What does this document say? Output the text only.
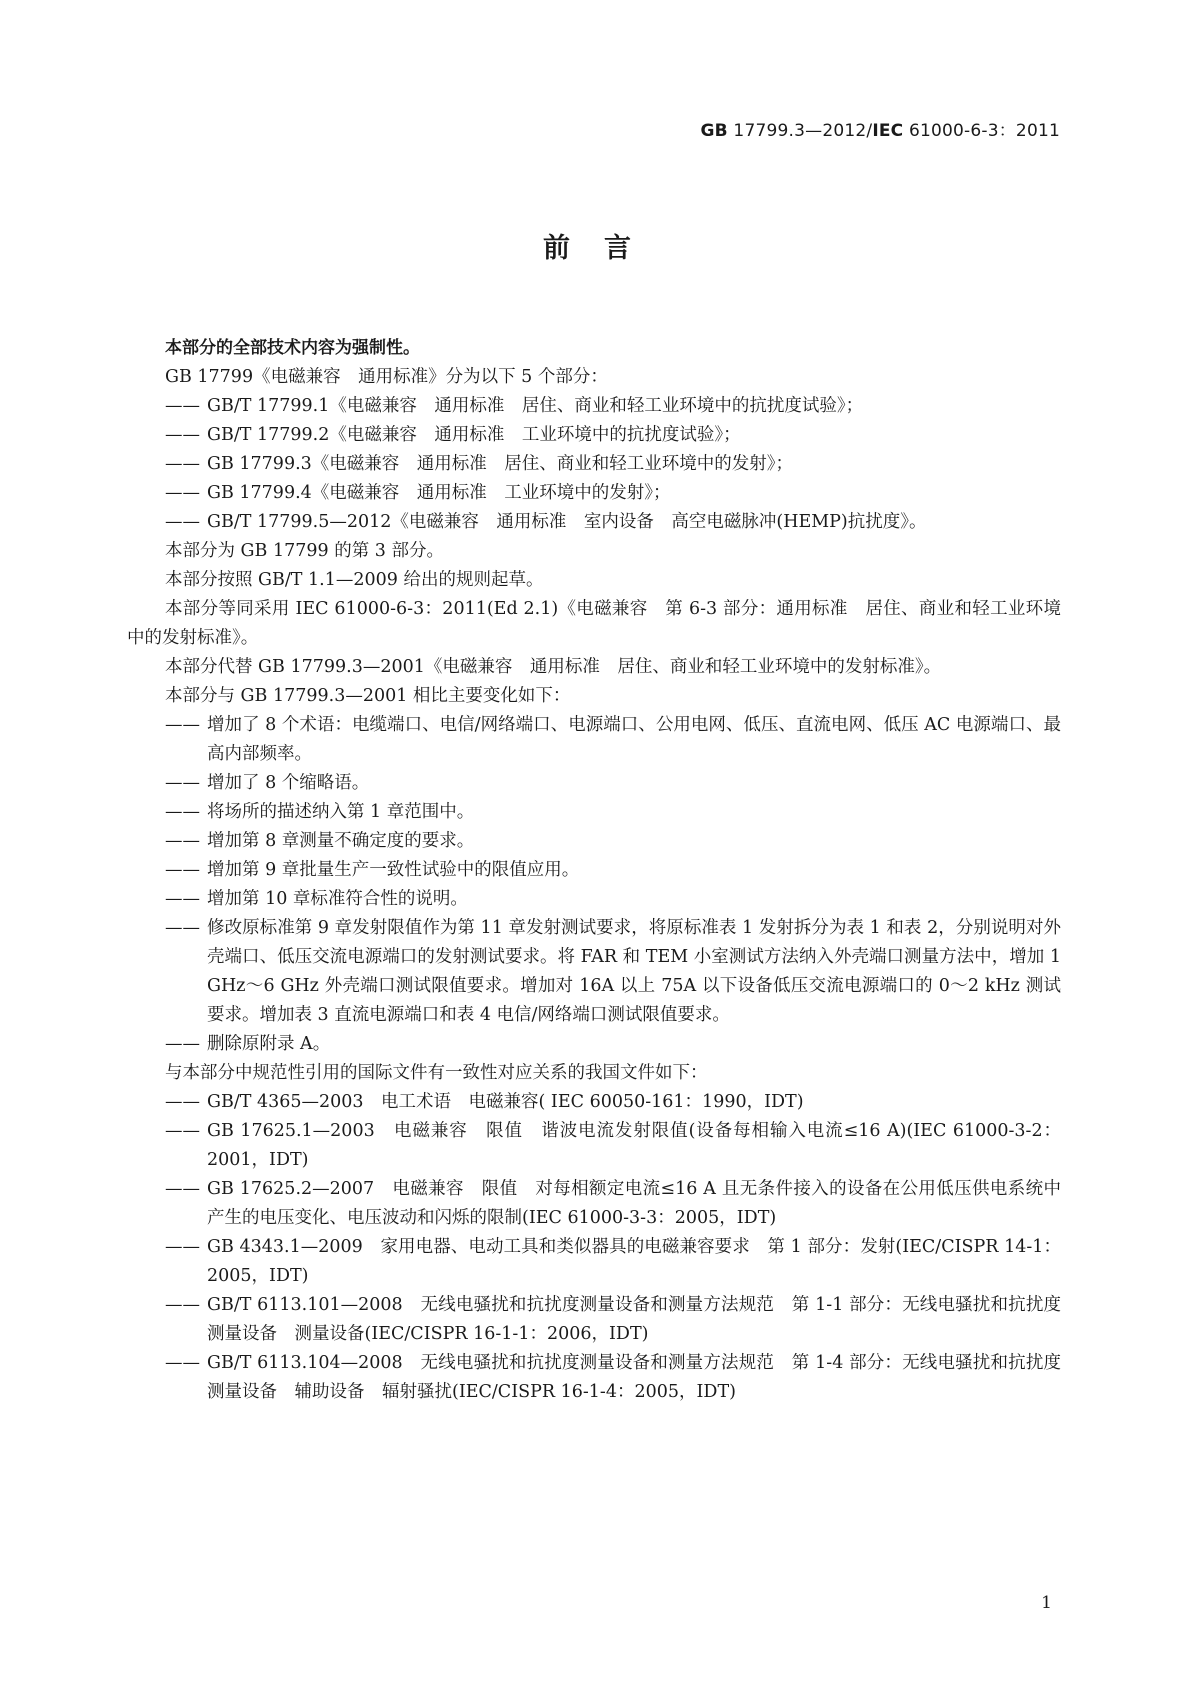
GB 17799.3—2012/IEC 61000-6-3：2011
前言

本部分的全部技术内容为强制性。

GB 17799《电磁兼容　通用标准》分为以下 5 个部分：

—— GB/T 17799.1《电磁兼容　通用标准　居住、商业和轻工业环境中的抗扰度试验》；

—— GB/T 17799.2《电磁兼容　通用标准　工业环境中的抗扰度试验》；

—— GB 17799.3《电磁兼容　通用标准　居住、商业和轻工业环境中的发射》；

—— GB 17799.4《电磁兼容　通用标准　工业环境中的发射》；

—— GB/T 17799.5—2012《电磁兼容　通用标准　室内设备　高空电磁脉冲(HEMP)抗扰度》。

本部分为 GB 17799 的第 3 部分。

本部分按照 GB/T 1.1—2009 给出的规则起草。

本部分等同采用 IEC 61000-6-3：2011(Ed 2.1)《电磁兼容　第 6-3 部分：通用标准　居住、商业和轻工业环境中的发射标准》。

本部分代替 GB 17799.3—2001《电磁兼容　通用标准　居住、商业和轻工业环境中的发射标准》。

本部分与 GB 17799.3—2001 相比主要变化如下：

—— 增加了 8 个术语：电缆端口、电信/网络端口、电源端口、公用电网、低压、直流电网、低压 AC 电源端口、最高内部频率。

—— 增加了 8 个缩略语。

—— 将场所的描述纳入第 1 章范围中。

—— 增加第 8 章测量不确定度的要求。

—— 增加第 9 章批量生产一致性试验中的限值应用。

—— 增加第 10 章标准符合性的说明。

—— 修改原标准第 9 章发射限值作为第 11 章发射测试要求，将原标准表 1 发射拆分为表 1 和表 2，分别说明对外壳端口、低压交流电源端口的发射测试要求。将 FAR 和 TEM 小室测试方法纳入外壳端口测量方法中，增加 1 GHz～6 GHz 外壳端口测试限值要求。增加对 16A 以上 75A 以下设备低压交流电源端口的 0～2 kHz 测试要求。增加表 3 直流电源端口和表 4 电信/网络端口测试限值要求。

—— 删除原附录 A。

与本部分中规范性引用的国际文件有一致性对应关系的我国文件如下：

—— GB/T 4365—2003　电工术语　电磁兼容( IEC 60050-161：1990，IDT)

—— GB 17625.1—2003　电磁兼容　限值　谐波电流发射限值(设备每相输入电流≤16 A)(IEC 61000-3-2：2001，IDT)

—— GB 17625.2—2007　电磁兼容　限值　对每相额定电流≤16 A 且无条件接入的设备在公用低压供电系统中产生的电压变化、电压波动和闪烁的限制(IEC 61000-3-3：2005，IDT)

—— GB 4343.1—2009　家用电器、电动工具和类似器具的电磁兼容要求　第 1 部分：发射(IEC/CISPR 14-1：2005，IDT)

—— GB/T 6113.101—2008　无线电骚扰和抗扰度测量设备和测量方法规范　第 1-1 部分：无线电骚扰和抗扰度测量设备　测量设备(IEC/CISPR 16-1-1：2006，IDT)

—— GB/T 6113.104—2008　无线电骚扰和抗扰度测量设备和测量方法规范　第 1-4 部分：无线电骚扰和抗扰度测量设备　辅助设备　辐射骚扰(IEC/CISPR 16-1-4：2005，IDT)

1
